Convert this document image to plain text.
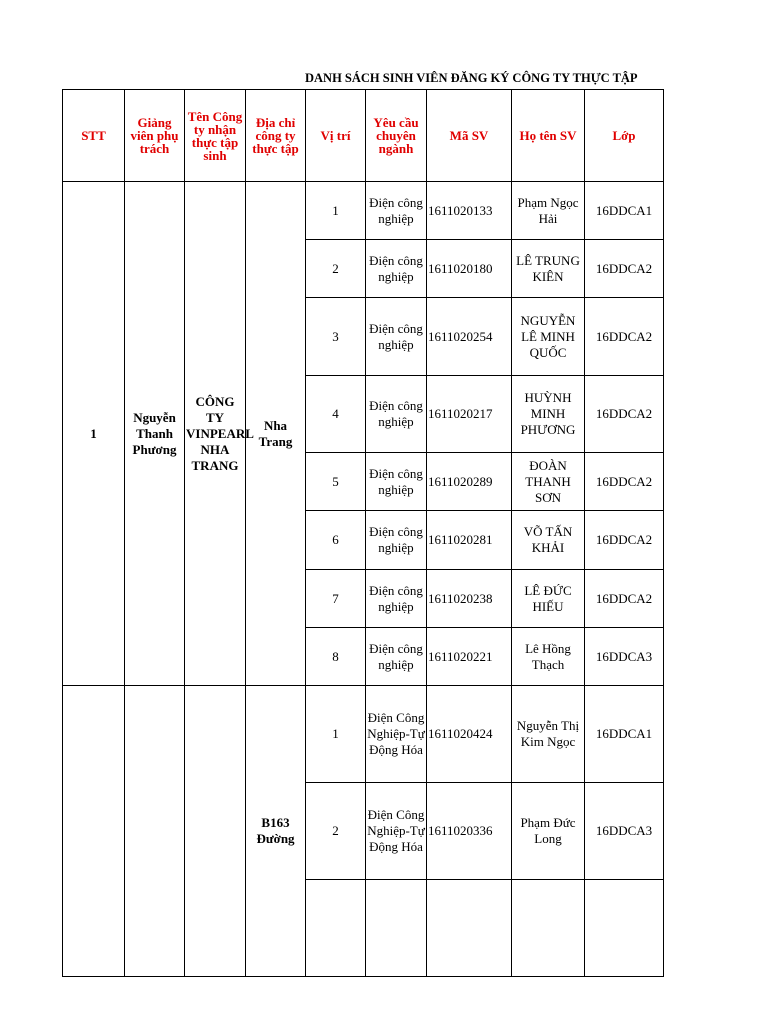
DANH SÁCH SINH VIÊN ĐĂNG KÝ CÔNG TY THỰC TẬP
STT	Giảng viên phụ trách	Tên Công ty nhận thực tập sinh	Địa chỉ công ty thực tập	Vị trí	Yêu cầu chuyên ngành	Mã SV	Họ tên SV	Lớp
1	Nguyễn Thanh Phương	CÔNG TY VINPEARL NHA TRANG	Nha Trang	1	Điện công nghiệp	1611020133	Phạm Ngọc Hải	16DDCA1
				2	Điện công nghiệp	1611020180	LÊ TRUNG KIÊN	16DDCA2
				3	Điện công nghiệp	1611020254	NGUYỄN LÊ MINH QUỐC	16DDCA2
				4	Điện công nghiệp	1611020217	HUỲNH MINH PHƯƠNG	16DDCA2
				5	Điện công nghiệp	1611020289	ĐOÀN THANH SƠN	16DDCA2
				6	Điện công nghiệp	1611020281	VÕ TẤN KHẢI	16DDCA2
				7	Điện công nghiệp	1611020238	LÊ ĐỨC HIẾU	16DDCA2
				8	Điện công nghiệp	1611020221	Lê Hồng Thạch	16DDCA3
			B163 Đường	1	Điện Công Nghiệp-Tự Động Hóa	1611020424	Nguyễn Thị Kim Ngọc	16DDCA1
				2	Điện Công Nghiệp-Tự Động Hóa	1611020336	Phạm Đức Long	16DDCA3
